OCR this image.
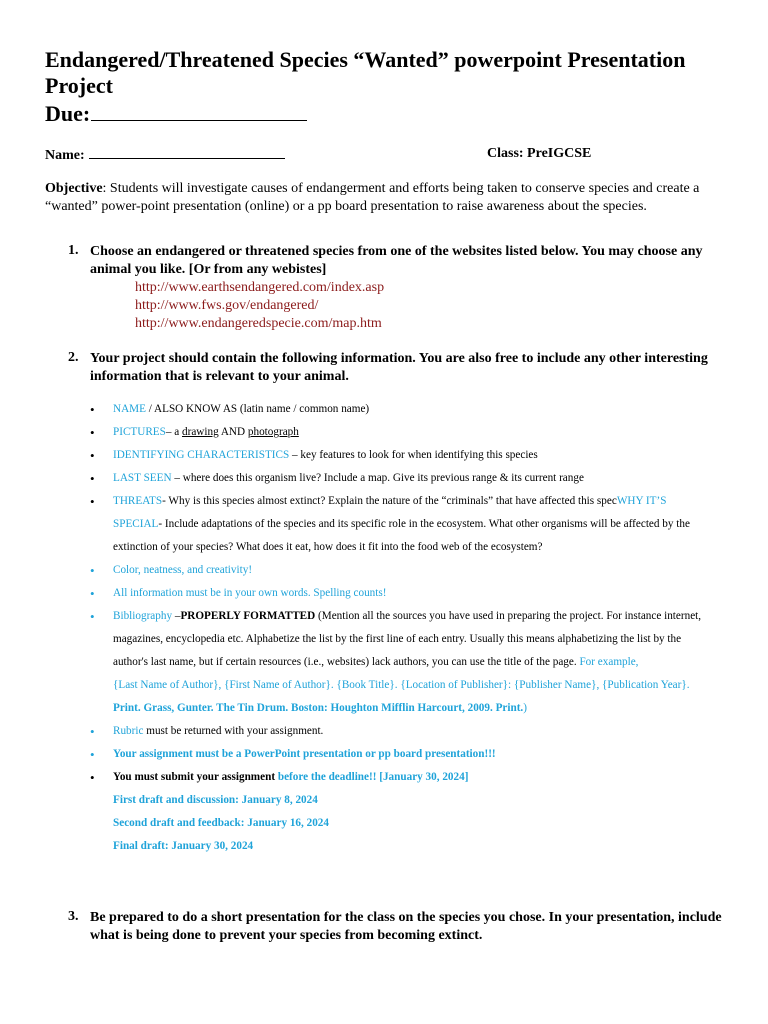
Endangered/Threatened Species “Wanted” powerpoint Presentation Project
Due:
Name:	Class: PreIGCSE
Objective: Students will investigate causes of endangerment and efforts being taken to conserve species and create a “wanted” power-point presentation (online) or a pp board presentation to raise awareness about the species.
1. Choose an endangered or threatened species from one of the websites listed below. You may choose any animal you like. [Or from any webistes]
http://www.earthsendangered.com/index.asp
http://www.fws.gov/endangered/
http://www.endangeredspecie.com/map.htm
2. Your project should contain the following information. You are also free to include any other interesting information that is relevant to your animal.
• NAME / ALSO KNOW AS (latin name / common name)
• PICTURES– a drawing AND photograph
• IDENTIFYING CHARACTERISTICS – key features to look for when identifying this species
• LAST SEEN – where does this organism live? Include a map. Give its previous range & its current range
• THREATS- Why is this species almost extinct? Explain the nature of the “criminals” that have affected this specWHY IT’S SPECIAL- Include adaptations of the species and its specific role in the ecosystem. What other organisms will be affected by the extinction of your species? What does it eat, how does it fit into the food web of the ecosystem?
• Color, neatness, and creativity!
• All information must be in your own words. Spelling counts!
• Bibliography –PROPERLY FORMATTED (Mention all the sources you have used in preparing the project. For instance internet, magazines, encyclopedia etc. Alphabetize the list by the first line of each entry. Usually this means alphabetizing the list by the author's last name, but if certain resources (i.e., websites) lack authors, you can use the title of the page. For example,
{Last Name of Author}, {First Name of Author}. {Book Title}. {Location of Publisher}: {Publisher Name}, {Publication Year}. Print. Grass, Gunter. The Tin Drum. Boston: Houghton Mifflin Harcourt, 2009. Print.)
• Rubric must be returned with your assignment.
• Your assignment must be a PowerPoint presentation or pp board presentation!!!
• You must submit your assignment before the deadline!! [January 30, 2024]
First draft and discussion: January 8, 2024
Second draft and feedback: January 16, 2024
Final draft: January 30, 2024
3. Be prepared to do a short presentation for the class on the species you chose. In your presentation, include what is being done to prevent your species from becoming extinct.
